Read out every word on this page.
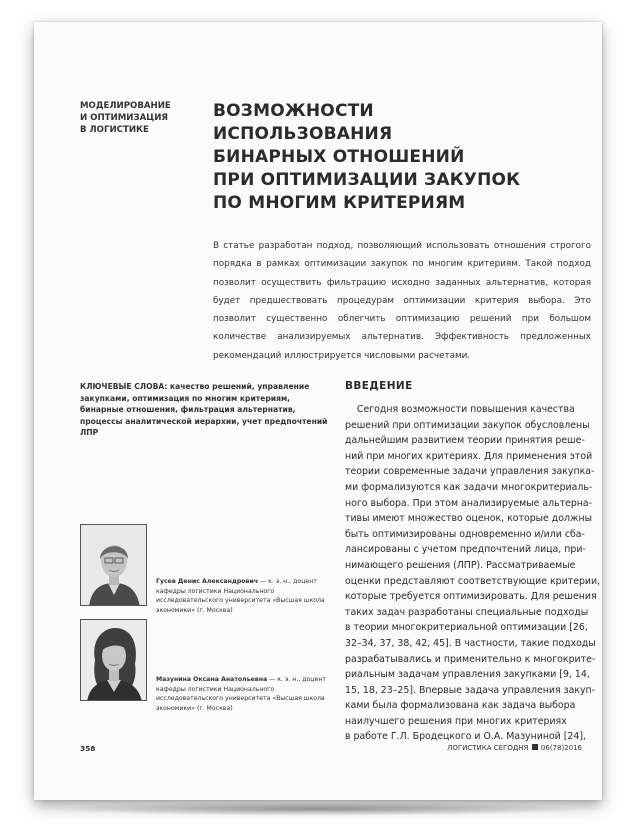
МОДЕЛИРОВАНИЕ
И ОПТИМИЗАЦИЯ
В ЛОГИСТИКЕ
ВОЗМОЖНОСТИ ИСПОЛЬЗОВАНИЯ
БИНАРНЫХ ОТНОШЕНИЙ
ПРИ ОПТИМИЗАЦИИ ЗАКУПОК
ПО МНОГИМ КРИТЕРИЯМ
В статье разработан подход, позволяющий использовать отношения строгого порядка в рамках оптимизации закупок по многим критериям. Такой подход позволит осуществить фильтрацию исходно заданных альтернатив, которая будет предшествовать процедурам оптимизации критерия выбора. Это позволит существенно облегчить оптимизацию решений при большом количестве анализируемых альтернатив. Эффективность предложенных рекомендаций иллюстрируется числовыми расчетами.
КЛЮЧЕВЫЕ СЛОВА: качество решений, управление закупками, оптимизация по многим критериям, бинарные отношения, фильтрация альтернатив, процессы аналитической иерархии, учет предпочтений ЛПР
Гусев Денис Александрович — к. э. н., доцент кафедры логистики Национального исследовательского университета «Высшая школа экономики» (г. Москва)
Мазунина Оксана Анатольевна — к. э. н., доцент кафедры логистики Национального исследовательского университета «Высшая школа экономики» (г. Москва)
ВВЕДЕНИЕ
Сегодня возможности повышения качества
решений при оптимизации закупок обусловлены
дальнейшим развитием теории принятия реше-
ний при многих критериях. Для применения этой
теории современные задачи управления закупка-
ми формализуются как задачи многокритериаль-
ного выбора. При этом анализируемые альтерна-
тивы имеют множество оценок, которые должны
быть оптимизированы одновременно и/или сба-
лансированы с учетом предпочтений лица, при-
нимающего решения (ЛПР). Рассматриваемые
оценки представляют соответствующие критерии,
которые требуется оптимизировать. Для решения
таких задач разработаны специальные подходы
в теории многокритериальной оптимизации [26,
32–34, 37, 38, 42, 45]. В частности, такие подходы
разрабатывались и применительно к многокрите-
риальным задачам управления закупками [9, 14,
15, 18, 23–25]. Впервые задача управления закуп-
ками была формализована как задача выбора
наилучшего решения при многих критериях
в работе Г.Л. Бродецкого и О.А. Мазуниной [24],
358	ЛОГИСТИКА СЕГОДНЯ 06(78)2016
